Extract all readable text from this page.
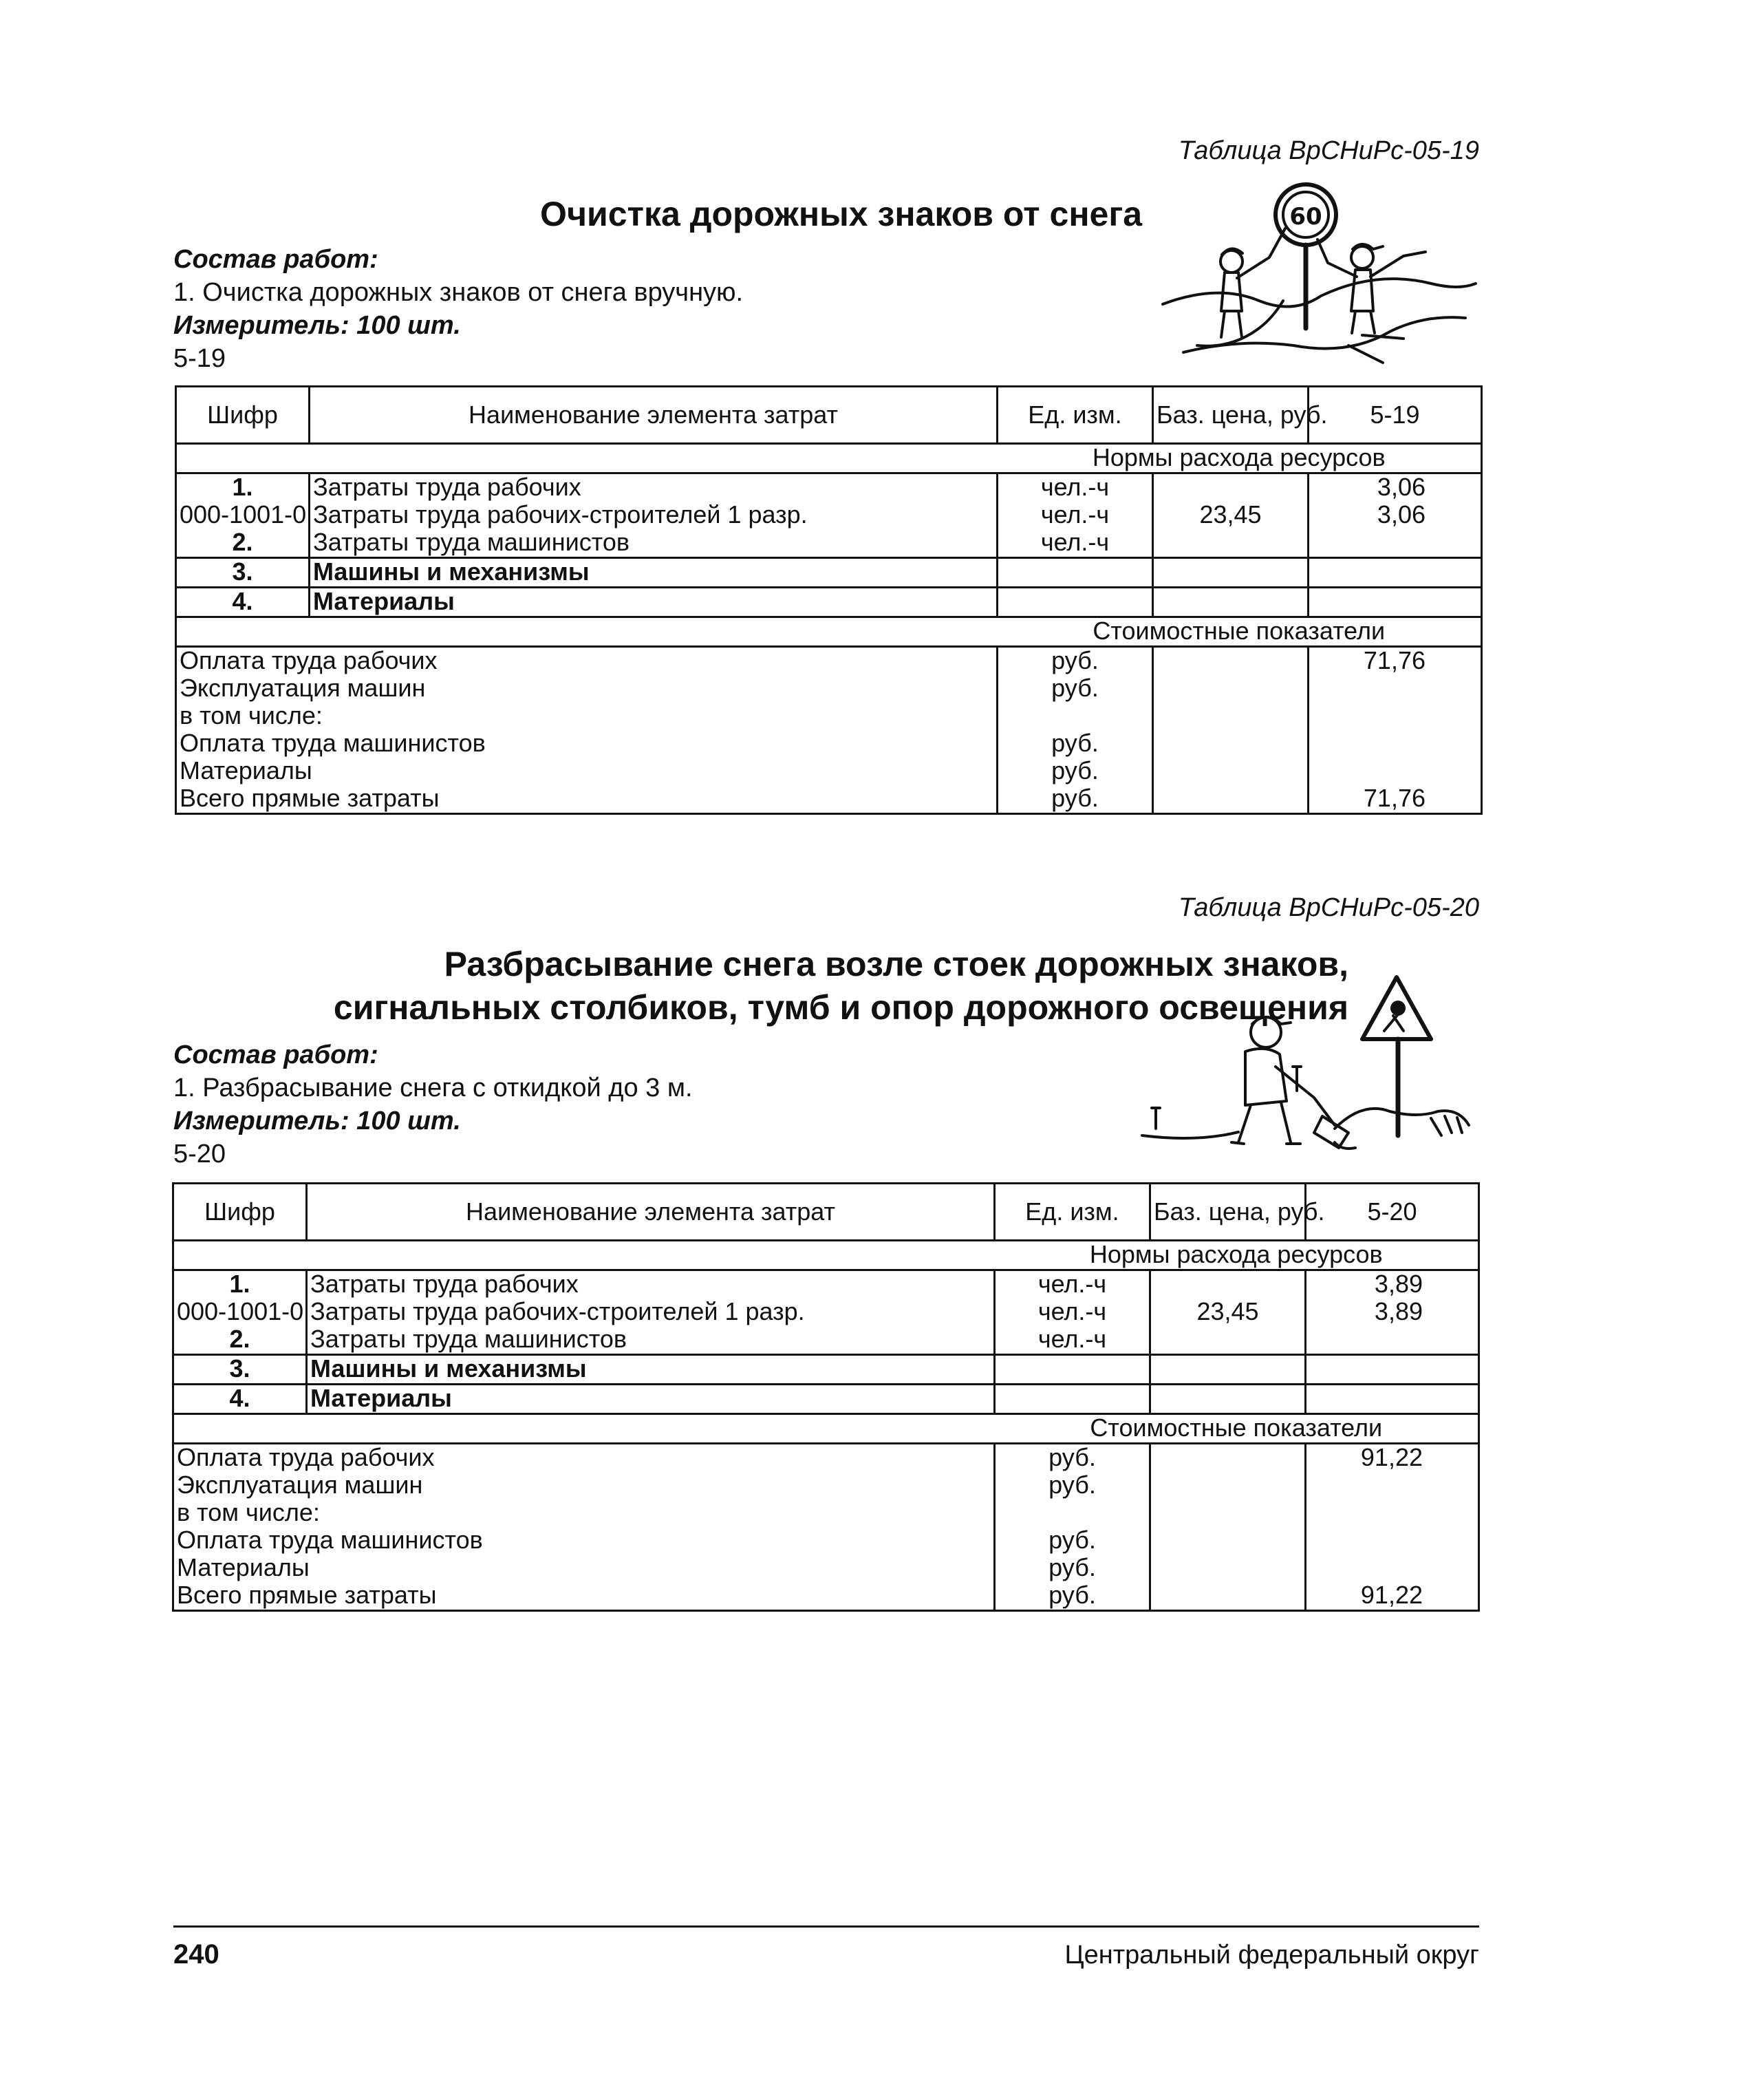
Таблица ВрСНиРс-05-19
Очистка дорожных знаков от снега
Состав работ:
1. Очистка дорожных знаков от снега вручную.
Измеритель: 100 шт.
5-19
60
Шифр	Наименование элемента затрат	Ед. изм.	Баз. цена, руб.	5-19
		Нормы расхода ресурсов		
1.	Затраты труда рабочих	чел.-ч		3,06
000-1001-0	Затраты труда рабочих-строителей 1 разр.	чел.-ч	23,45	3,06
2.	Затраты труда машинистов	чел.-ч		
3.	Машины и механизмы			
4.	Материалы			
		Стоимостные показатели		
Оплата труда рабочих		руб.		71,76
Эксплуатация машин		руб.		
в том числе:				
Оплата труда машинистов		руб.		
Материалы		руб.		
Всего прямые затраты		руб.		71,76
Таблица ВрСНиРс-05-20
Разбрасывание снега возле стоек дорожных знаков,
сигнальных столбиков, тумб и опор дорожного освещения
Состав работ:
1. Разбрасывание снега с откидкой до 3 м.
Измеритель: 100 шт.
5-20
Шифр	Наименование элемента затрат	Ед. изм.	Баз. цена, руб.	5-20
		Нормы расхода ресурсов		
1.	Затраты труда рабочих	чел.-ч		3,89
000-1001-0	Затраты труда рабочих-строителей 1 разр.	чел.-ч	23,45	3,89
2.	Затраты труда машинистов	чел.-ч		
3.	Машины и механизмы			
4.	Материалы			
		Стоимостные показатели		
Оплата труда рабочих		руб.		91,22
Эксплуатация машин		руб.		
в том числе:				
Оплата труда машинистов		руб.		
Материалы		руб.		
Всего прямые затраты		руб.		91,22
240	Центральный федеральный округ
